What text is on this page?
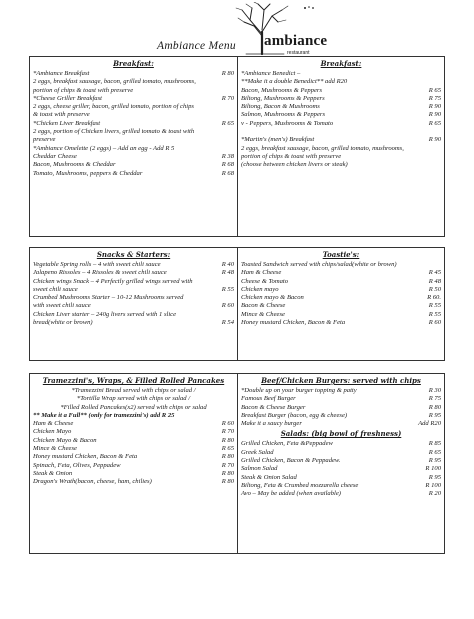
Ambiance Menu ambiance
restaurant
Breakfast:
*Ambiance Breakfast	R 80
2 eggs, breakfast sausage, bacon, grilled tomato, mushrooms,
portion of chips & toast with preserve
*Cheese Griller Breakfast	R 70
2 eggs, cheese griller, bacon, grilled tomato, portion of chips
& toast with preserve
*Chicken Liver Breakfast	R 65
2 eggs, portion of Chicken livers, grilled tomato & toast with
preserve
*Ambiance Omelette (2 eggs) – Add an egg - Add R 5
Cheddar Cheese	R 38
Bacon, Mushrooms & Cheddar	R 68
Tomato, Mushrooms, peppers & Cheddar	R 68
Breakfast:
*Ambiance Benedict –
**Make it a double Benedict** add R20
Bacon, Mushrooms & Peppers	R 65
Biltong, Mushrooms & Peppers	R 75
Biltong, Bacon & Mushrooms	R 90
Salmon, Mushrooms & Peppers	R 90
v - Peppers, Mushrooms & Tomato	R 65
*Martin's (men's) Breakfast	R 90
2 eggs, breakfast sausage, bacon, grilled tomato, mushrooms,
portion of chips & toast with preserve
(choose between chicken livers or steak)
Snacks & Starters:
Vegetable Spring rolls – 4 with sweet chili sauce	R 40
Jalapeno Rissoles – 4 Rissoles & sweet chili sauce	R 48
Chicken wings Snack – 4 Perfectly grilled wings served with
sweet chili sauce	R 55
Crumbed Mushrooms Starter – 10-12 Mushrooms served
with sweet chili sauce	R 60
Chicken Liver starter – 240g livers served with 1 slice
bread(white or brown)	R 54
Toastie's:
Toasted Sandwich served with chips/salad(white or brown)
Ham & Cheese	R 45
Cheese & Tomato	R 48
Chicken mayo	R 50
Chicken mayo & Bacon	R 60.
Bacon & Cheese	R 55
Mince & Cheese	R 55
Honey mustard Chicken, Bacon & Feta	R 60
Tramezzini's, Wraps, & Filled Rolled Pancakes
*Tramezzini Bread served with chips or salad /
*Tortilla Wrap served with chips or salad /
*Filled Rolled Pancakes(x2) served with chips or salad
** Make it a Full** (only for tramezzini's) add R 25
Ham & Cheese	R 60
Chicken Mayo	R 70
Chicken Mayo & Bacon	R 80
Mince & Cheese	R 65
Honey mustard Chicken, Bacon & Feta	R 80
Spinach, Feta, Olives, Peppadew	R 70
Steak & Onion	R 80
Dragon's Wrath(bacon, cheese, ham, chilies)	R 80
Beef/Chicken Burgers: served with chips
*Double up on your burger topping & patty	R 30
Famous Beef Burger	R 75
Bacon & Cheese Burger	R 80
Breakfast Burger (bacon, egg & cheese)	R 95
Make it a saucy burger	Add R20
Salads: (big bowl of freshness)
Grilled Chicken, Feta &Peppadew	R 85
Greek Salad	R 65
Grilled Chicken, Bacon & Peppadew.	R 95
Salmon Salad	R 100
Steak & Onion Salad	R 95
Biltong, Feta & Crumbed mozzarella cheese	R 100
Avo – May be added (when available)	R 20
